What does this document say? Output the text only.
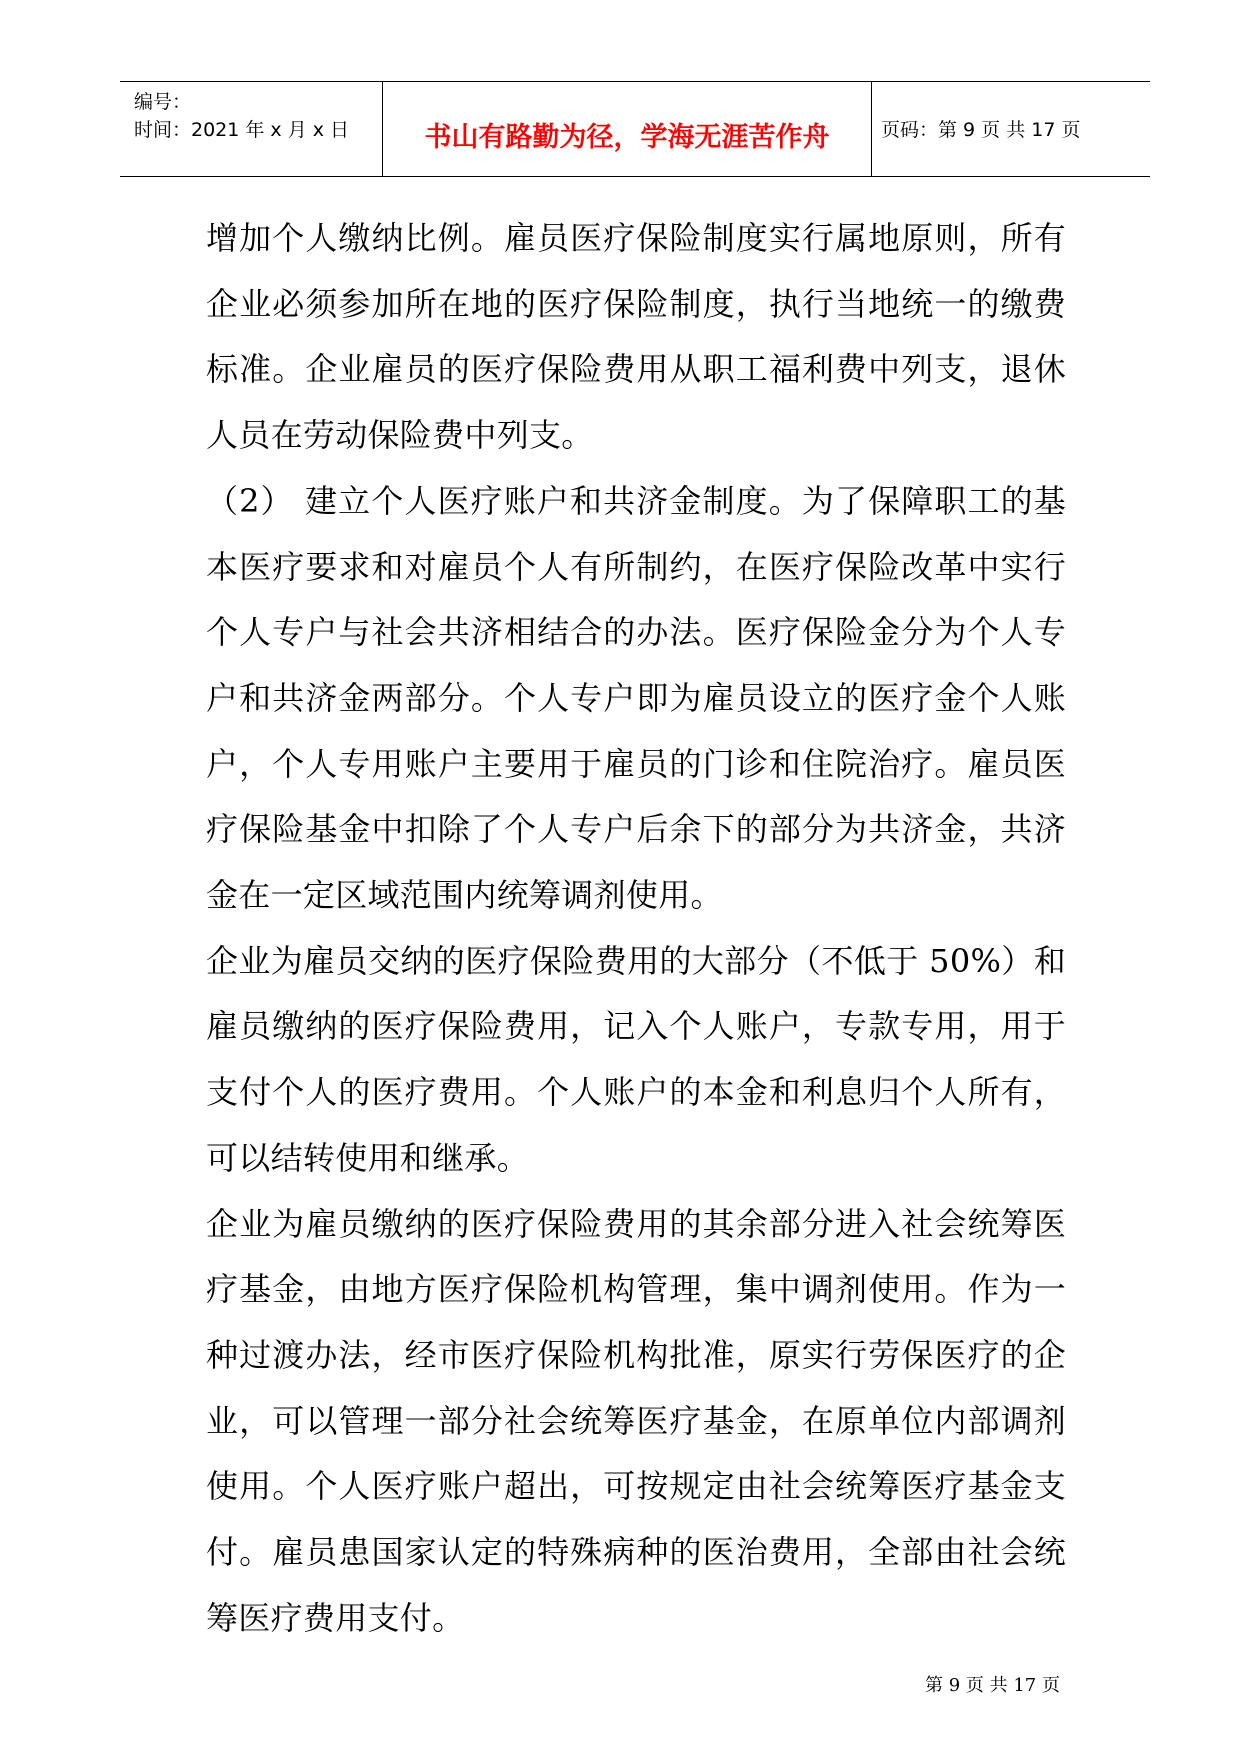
编号：
时间：2021 年 x 月 x 日	书山有路勤为径，学海无涯苦作舟	页码：第 9 页 共 17 页

增加个人缴纳比例。雇员医疗保险制度实行属地原则，所有企业必须参加所在地的医疗保险制度，执行当地统一的缴费标准。企业雇员的医疗保险费用从职工福利费中列支，退休人员在劳动保险费中列支。

（2） 建立个人医疗账户和共济金制度。为了保障职工的基本医疗要求和对雇员个人有所制约，在医疗保险改革中实行个人专户与社会共济相结合的办法。医疗保险金分为个人专户和共济金两部分。个人专户即为雇员设立的医疗金个人账户，个人专用账户主要用于雇员的门诊和住院治疗。雇员医疗保险基金中扣除了个人专户后余下的部分为共济金，共济金在一定区域范围内统筹调剂使用。

企业为雇员交纳的医疗保险费用的大部分（不低于 50%）和雇员缴纳的医疗保险费用，记入个人账户，专款专用，用于支付个人的医疗费用。个人账户的本金和利息归个人所有，可以结转使用和继承。

企业为雇员缴纳的医疗保险费用的其余部分进入社会统筹医疗基金，由地方医疗保险机构管理，集中调剂使用。作为一种过渡办法，经市医疗保险机构批准，原实行劳保医疗的企业，可以管理一部分社会统筹医疗基金，在原单位内部调剂使用。个人医疗账户超出，可按规定由社会统筹医疗基金支付。雇员患国家认定的特殊病种的医治费用，全部由社会统筹医疗费用支付。

第 9 页 共 17 页
